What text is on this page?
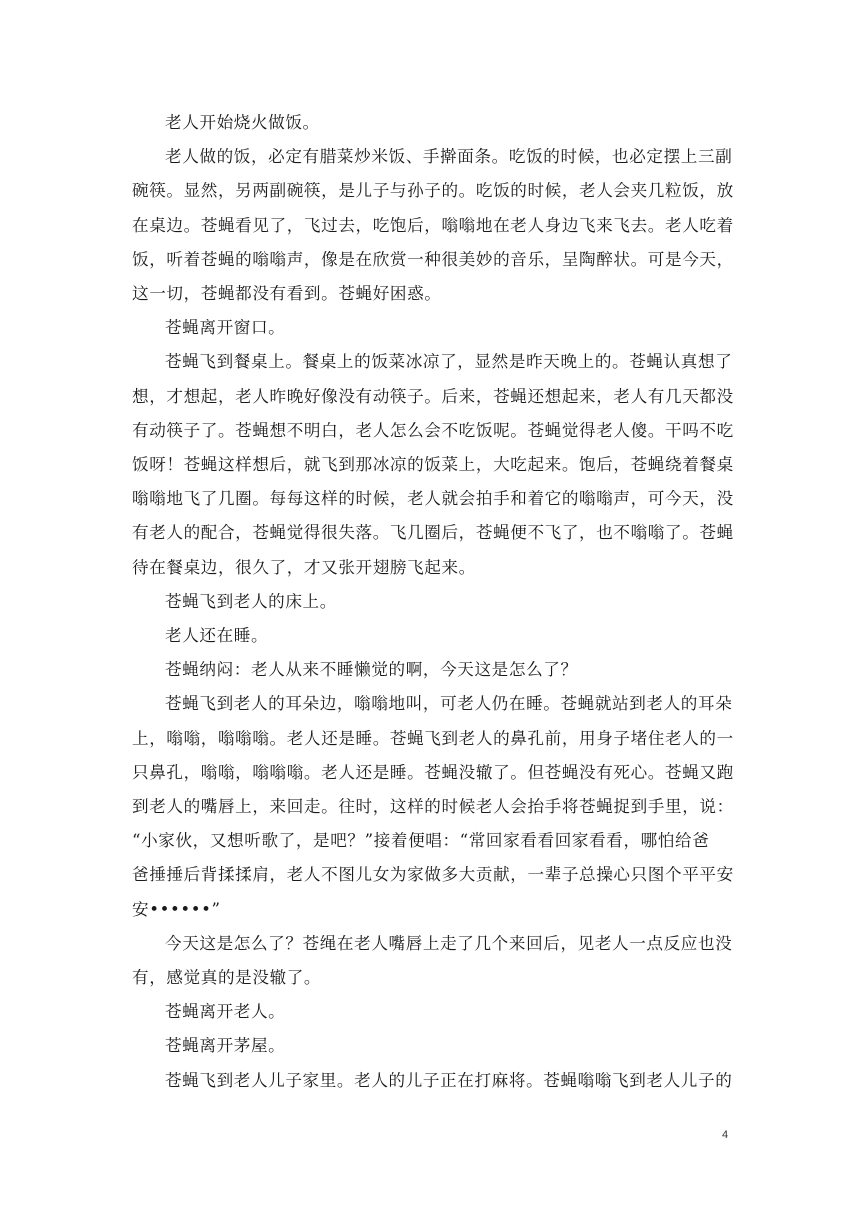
老人开始烧火做饭。

老人做的饭，必定有腊菜炒米饭、手擀面条。吃饭的时候，也必定摆上三副
碗筷。显然，另两副碗筷，是儿子与孙子的。吃饭的时候，老人会夹几粒饭，放
在桌边。苍蝇看见了，飞过去，吃饱后，嗡嗡地在老人身边飞来飞去。老人吃着
饭，听着苍蝇的嗡嗡声，像是在欣赏一种很美妙的音乐，呈陶醉状。可是今天，
这一切，苍蝇都没有看到。苍蝇好困惑。

苍蝇离开窗口。

苍蝇飞到餐桌上。餐桌上的饭菜冰凉了，显然是昨天晚上的。苍蝇认真想了
想，才想起，老人昨晚好像没有动筷子。后来，苍蝇还想起来，老人有几天都没
有动筷子了。苍蝇想不明白，老人怎么会不吃饭呢。苍蝇觉得老人傻。干吗不吃
饭呀！苍蝇这样想后，就飞到那冰凉的饭菜上，大吃起来。饱后，苍蝇绕着餐桌
嗡嗡地飞了几圈。每每这样的时候，老人就会拍手和着它的嗡嗡声，可今天，没
有老人的配合，苍蝇觉得很失落。飞几圈后，苍蝇便不飞了，也不嗡嗡了。苍蝇
待在餐桌边，很久了，才又张开翅膀飞起来。

苍蝇飞到老人的床上。

老人还在睡。

苍蝇纳闷：老人从来不睡懒觉的啊，今天这是怎么了？

苍蝇飞到老人的耳朵边，嗡嗡地叫，可老人仍在睡。苍蝇就站到老人的耳朵
上，嗡嗡，嗡嗡嗡。老人还是睡。苍蝇飞到老人的鼻孔前，用身子堵住老人的一
只鼻孔，嗡嗡，嗡嗡嗡。老人还是睡。苍蝇没辙了。但苍蝇没有死心。苍蝇又跑
到老人的嘴唇上，来回走。往时，这样的时候老人会抬手将苍蝇捉到手里，说：
“小家伙，又想听歌了，是吧？”接着便唱：“常回家看看回家看看，哪怕给爸
爸捶捶后背揉揉肩，老人不图儿女为家做多大贡献，一辈子总操心只图个平平安
安••••••”

今天这是怎么了？苍绳在老人嘴唇上走了几个来回后，见老人一点反应也没
有，感觉真的是没辙了。

苍蝇离开老人。

苍蝇离开茅屋。

苍蝇飞到老人儿子家里。老人的儿子正在打麻将。苍蝇嗡嗡飞到老人儿子的

4
